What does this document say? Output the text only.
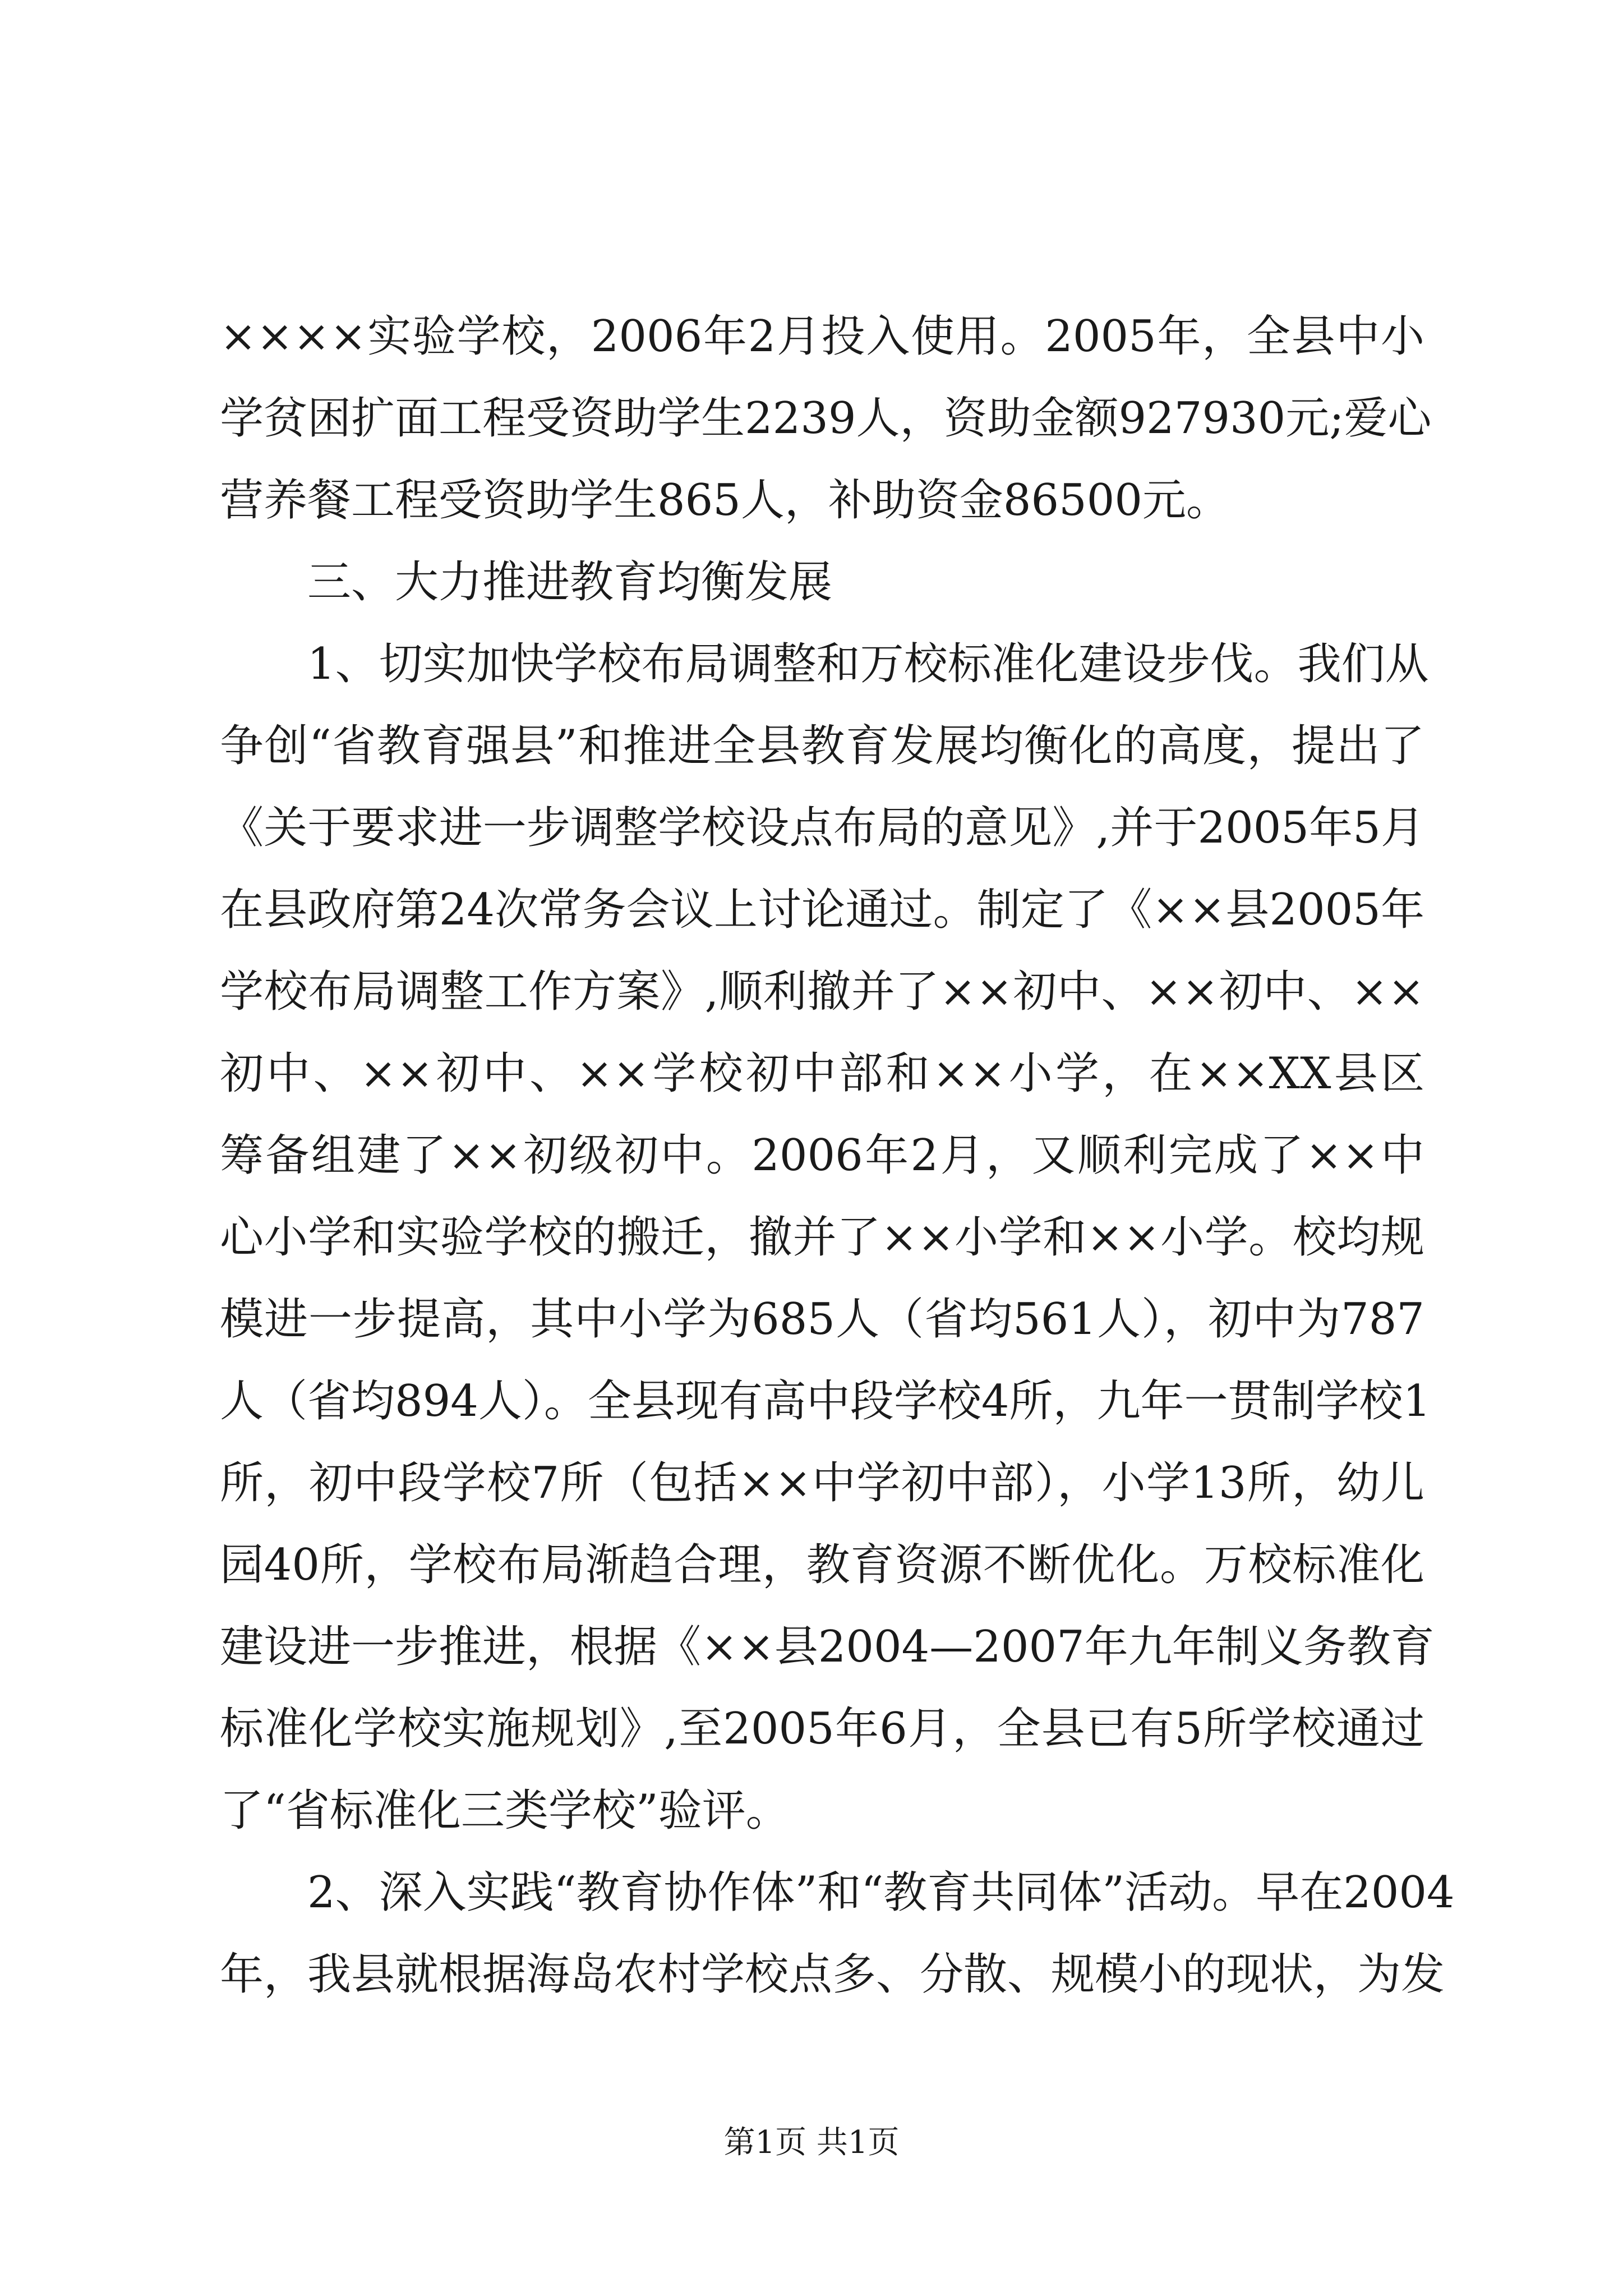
××××实验学校，2006年2月投入使用。2005年，全县中小
学贫困扩面工程受资助学生2239人，资助金额927930元;爱心
营养餐工程受资助学生865人，补助资金86500元。
三、大力推进教育均衡发展
1、切实加快学校布局调整和万校标准化建设步伐。我们从
争创“省教育强县”和推进全县教育发展均衡化的高度，提出了
《关于要求进一步调整学校设点布局的意见》,并于2005年5月
在县政府第24次常务会议上讨论通过。制定了《××县2005年
学校布局调整工作方案》,顺利撤并了××初中、××初中、××
初中、××初中、××学校初中部和××小学，在××XX县区
筹备组建了××初级初中。2006年2月，又顺利完成了××中
心小学和实验学校的搬迁，撤并了××小学和××小学。校均规
模进一步提高，其中小学为685人（省均561人），初中为787
人（省均894人）。全县现有高中段学校4所，九年一贯制学校1
所，初中段学校7所（包括××中学初中部），小学13所，幼儿
园40所，学校布局渐趋合理，教育资源不断优化。万校标准化
建设进一步推进，根据《××县2004—2007年九年制义务教育
标准化学校实施规划》,至2005年6月，全县已有5所学校通过
了“省标准化三类学校”验评。
2、深入实践“教育协作体”和“教育共同体”活动。早在2004
年，我县就根据海岛农村学校点多、分散、规模小的现状，为发
第1页 共1页
